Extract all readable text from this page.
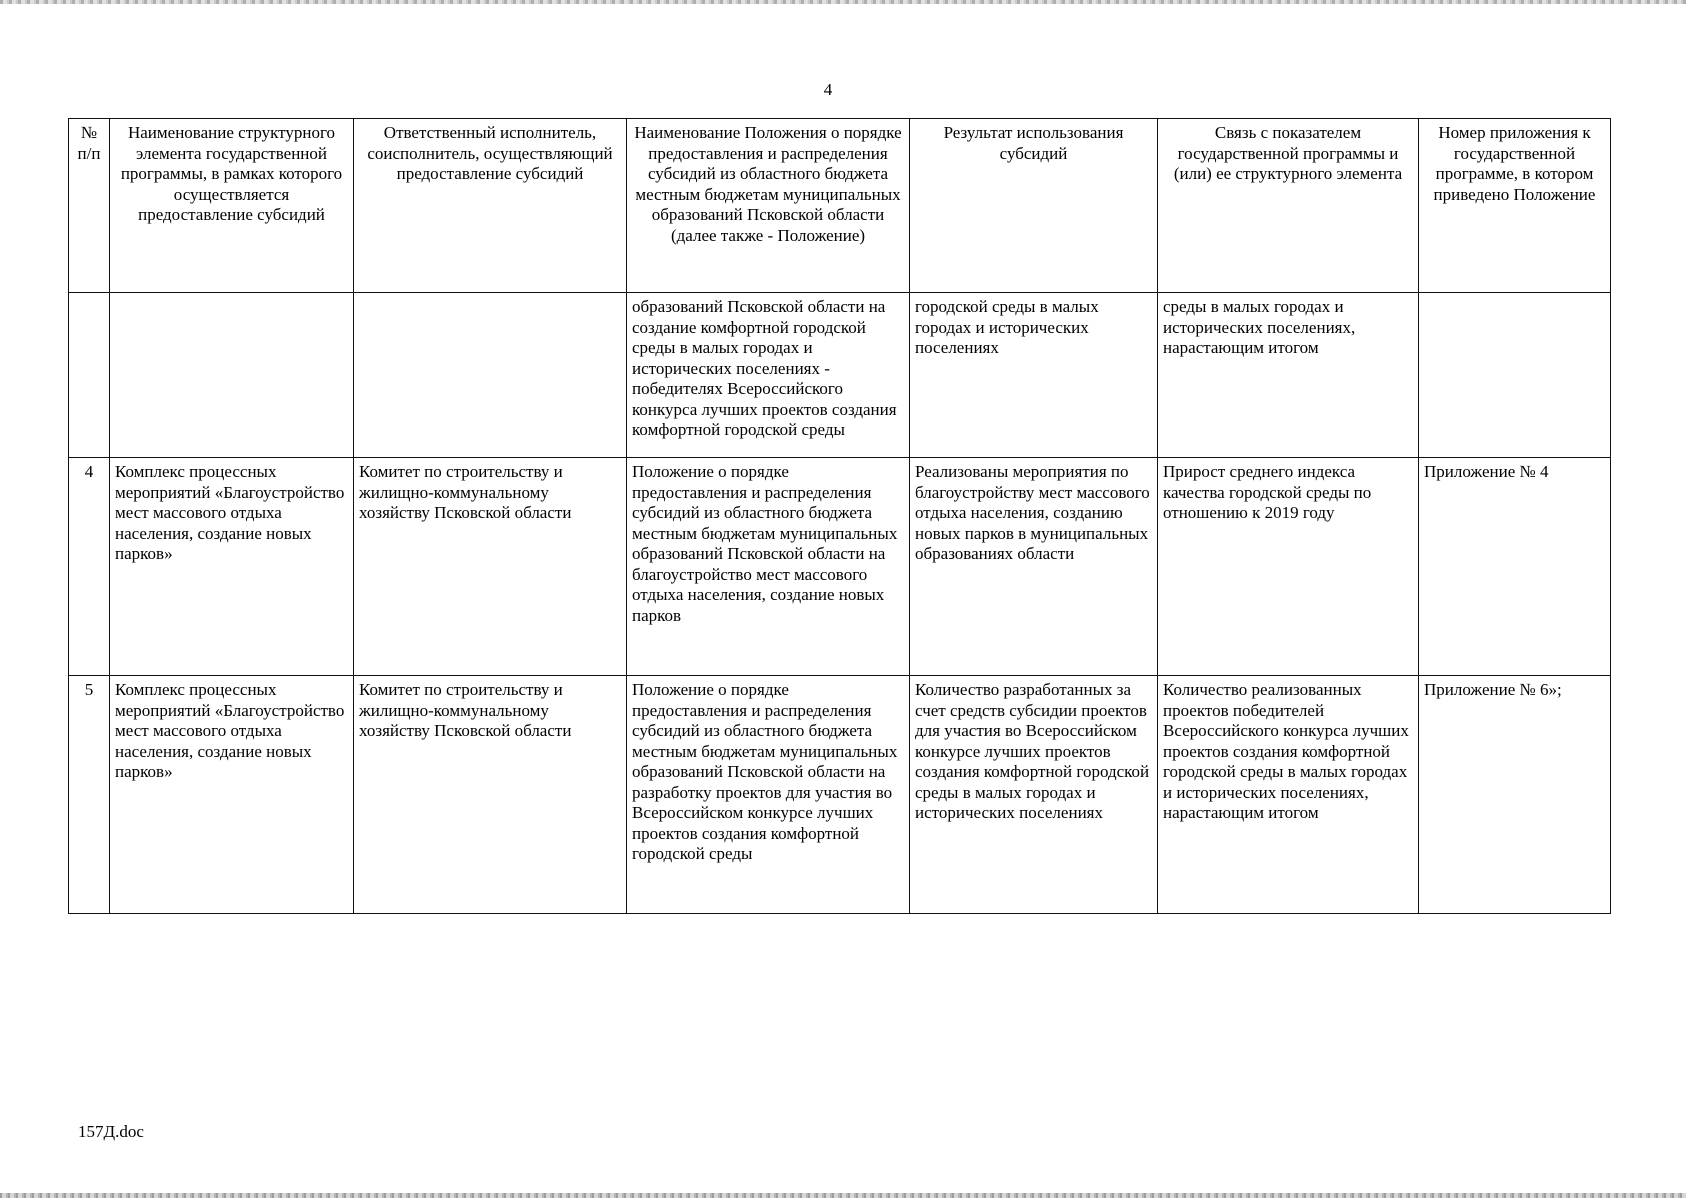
4
№ п/п	Наименование структурного элемента государственной программы, в рамках которого осуществляется предоставление субсидий	Ответственный исполнитель, соисполнитель, осуществляющий предоставление субсидий	Наименование Положения о порядке предоставления и распределения субсидий из областного бюджета местным бюджетам муниципальных образований Псковской области (далее также - Положение)	Результат использования субсидий	Связь с показателем государственной программы и (или) ее структурного элемента	Номер приложения к государственной программе, в котором приведено Положение
			образований Псковской области на создание комфортной городской среды в малых городах и исторических поселениях - победителях Всероссийского конкурса лучших проектов создания комфортной городской среды	городской среды в малых городах и исторических поселениях	среды в малых городах и исторических поселениях, нарастающим итогом	
4	Комплекс процессных мероприятий «Благоустройство мест массового отдыха населения, создание новых парков»	Комитет по строительству и жилищно-коммунальному хозяйству Псковской области	Положение о порядке предоставления и распределения субсидий из областного бюджета местным бюджетам муниципальных образований Псковской области на благоустройство мест массового отдыха населения, создание новых парков	Реализованы мероприятия по благоустройству мест массового отдыха населения, созданию новых парков в муниципальных образованиях области	Прирост среднего индекса качества городской среды по отношению к 2019 году	Приложение № 4
5	Комплекс процессных мероприятий «Благоустройство мест массового отдыха населения, создание новых парков»	Комитет по строительству и жилищно-коммунальному хозяйству Псковской области	Положение о порядке предоставления и распределения субсидий из областного бюджета местным бюджетам муниципальных образований Псковской области на разработку проектов для участия во Всероссийском конкурсе лучших проектов создания комфортной городской среды	Количество разработанных за счет средств субсидии проектов для участия во Всероссийском конкурсе лучших проектов создания комфортной городской среды в малых городах и исторических поселениях	Количество реализованных проектов победителей Всероссийского конкурса лучших проектов создания комфортной городской среды в малых городах и исторических поселениях, нарастающим итогом	Приложение № 6»;
157Д.doc
